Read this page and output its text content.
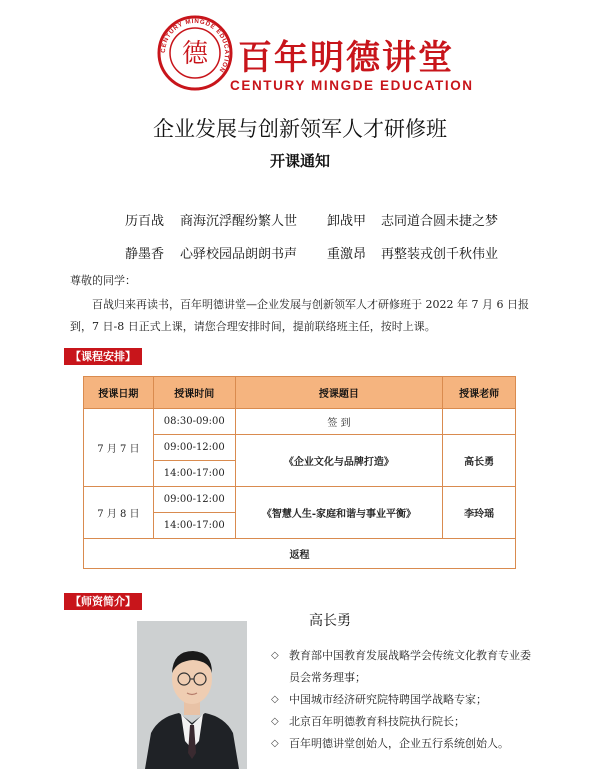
CENTURY MINGDE EDUCATION
德 百年明德讲堂
CENTURY MINGDE EDUCATION
企业发展与创新领军人才研修班
开课通知
历百战 商海沉浮醒纷繁人世 卸战甲 志同道合圆未捷之梦
静墨香 心驿校园品朗朗书声 重激昂 再整装戎创千秋伟业
尊敬的同学：

百战归来再读书，百年明德讲堂—企业发展与创新领军人才研修班于 2022 年 7 月 6 日报到，7 日-8 日正式上课，请您合理安排时间，提前联络班主任，按时上课。

【课程安排】
授课日期	授课时间	授课题目	授课老师
7 月 7 日	08:30-09:00	签 到	
	09:00-12:00	《企业文化与品牌打造》	高长勇
	14:00-17:00		
7 月 8 日	09:00-12:00	《智慧人生-家庭和谐与事业平衡》	李玲瑶
	14:00-17:00		
返程			
【师资简介】
高长勇
◇ 教育部中国教育发展战略学会传统文化教育专业委员会常务理事；
◇ 中国城市经济研究院特聘国学战略专家；
◇ 北京百年明德教育科技院执行院长；
◇ 百年明德讲堂创始人，企业五行系统创始人。
